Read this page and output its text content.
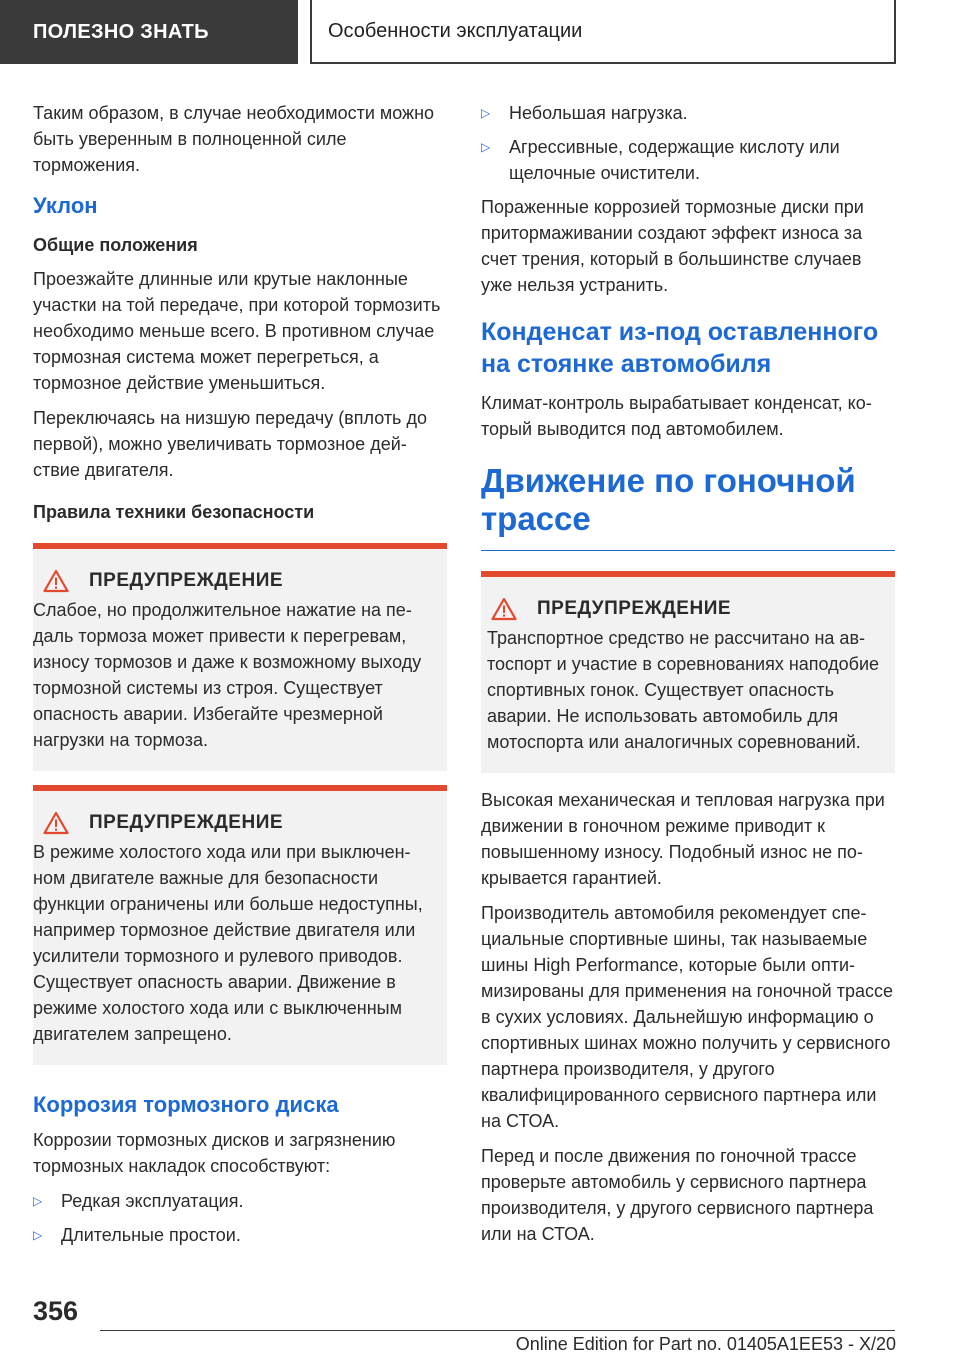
ПОЛЕЗНО ЗНАТЬ	Особенности эксплуатации

Таким образом, в случае необходимости можно быть уверенным в полноценной силе торможения.

Уклон
Общие положения

Проезжайте длинные или крутые наклонные участки на той передаче, при которой тормозить необходимо меньше всего. В противном случае тормозная система может перегреться, а тормозное действие уменьшиться.

Переключаясь на низшую передачу (вплоть до первой), можно увеличивать тормозное действие двигателя.

Правила техники безопасности
ПРЕДУПРЕЖДЕНИЕ

Слабое, но продолжительное нажатие на педаль тормоза может привести к перегревам, износу тормозов и даже к возможному выходу тормозной системы из строя. Существует опасность аварии. Избегайте чрезмерной нагрузки на тормоза.

ПРЕДУПРЕЖДЕНИЕ

В режиме холостого хода или при выключенном двигателе важные для безопасности функции ограничены или больше недоступны, например тормозное действие двигателя или усилители тормозного и рулевого приводов. Существует опасность аварии. Движение в режиме холостого хода или с выключенным двигателем запрещено.

Коррозия тормозного диска

Коррозии тормозных дисков и загрязнению тормозных накладок способствуют:

▷	Редкая эксплуатация.
▷	Длительные простои.
▷	Небольшая нагрузка.
▷	Агрессивные, содержащие кислоту или щелочные очистители.

Пораженные коррозией тормозные диски при притормаживании создают эффект износа за счет трения, который в большинстве случаев уже нельзя устранить.

Конденсат из-под оставленного на стоянке автомобиля

Климат-контроль вырабатывает конденсат, который выводится под автомобилем.

Движение по гоночной трассе
ПРЕДУПРЕЖДЕНИЕ

Транспортное средство не рассчитано на автоспорт и участие в соревнованиях наподобие спортивных гонок. Существует опасность аварии. Не использовать автомобиль для мотоспорта или аналогичных соревнований.

Высокая механическая и тепловая нагрузка при движении в гоночном режиме приводит к повышенному износу. Подобный износ не покрывается гарантией.

Производитель автомобиля рекомендует специальные спортивные шины, так называемые шины High Performance, которые были оптимизированы для применения на гоночной трассе в сухих условиях. Дальнейшую информацию о спортивных шинах можно получить у сервисного партнера производителя, у другого квалифицированного сервисного партнера или на СТОА.

Перед и после движения по гоночной трассе проверьте автомобиль у сервисного партнера производителя, у другого сервисного партнера или на СТОА.

356
Online Edition for Part no. 01405A1EE53 - X/20
